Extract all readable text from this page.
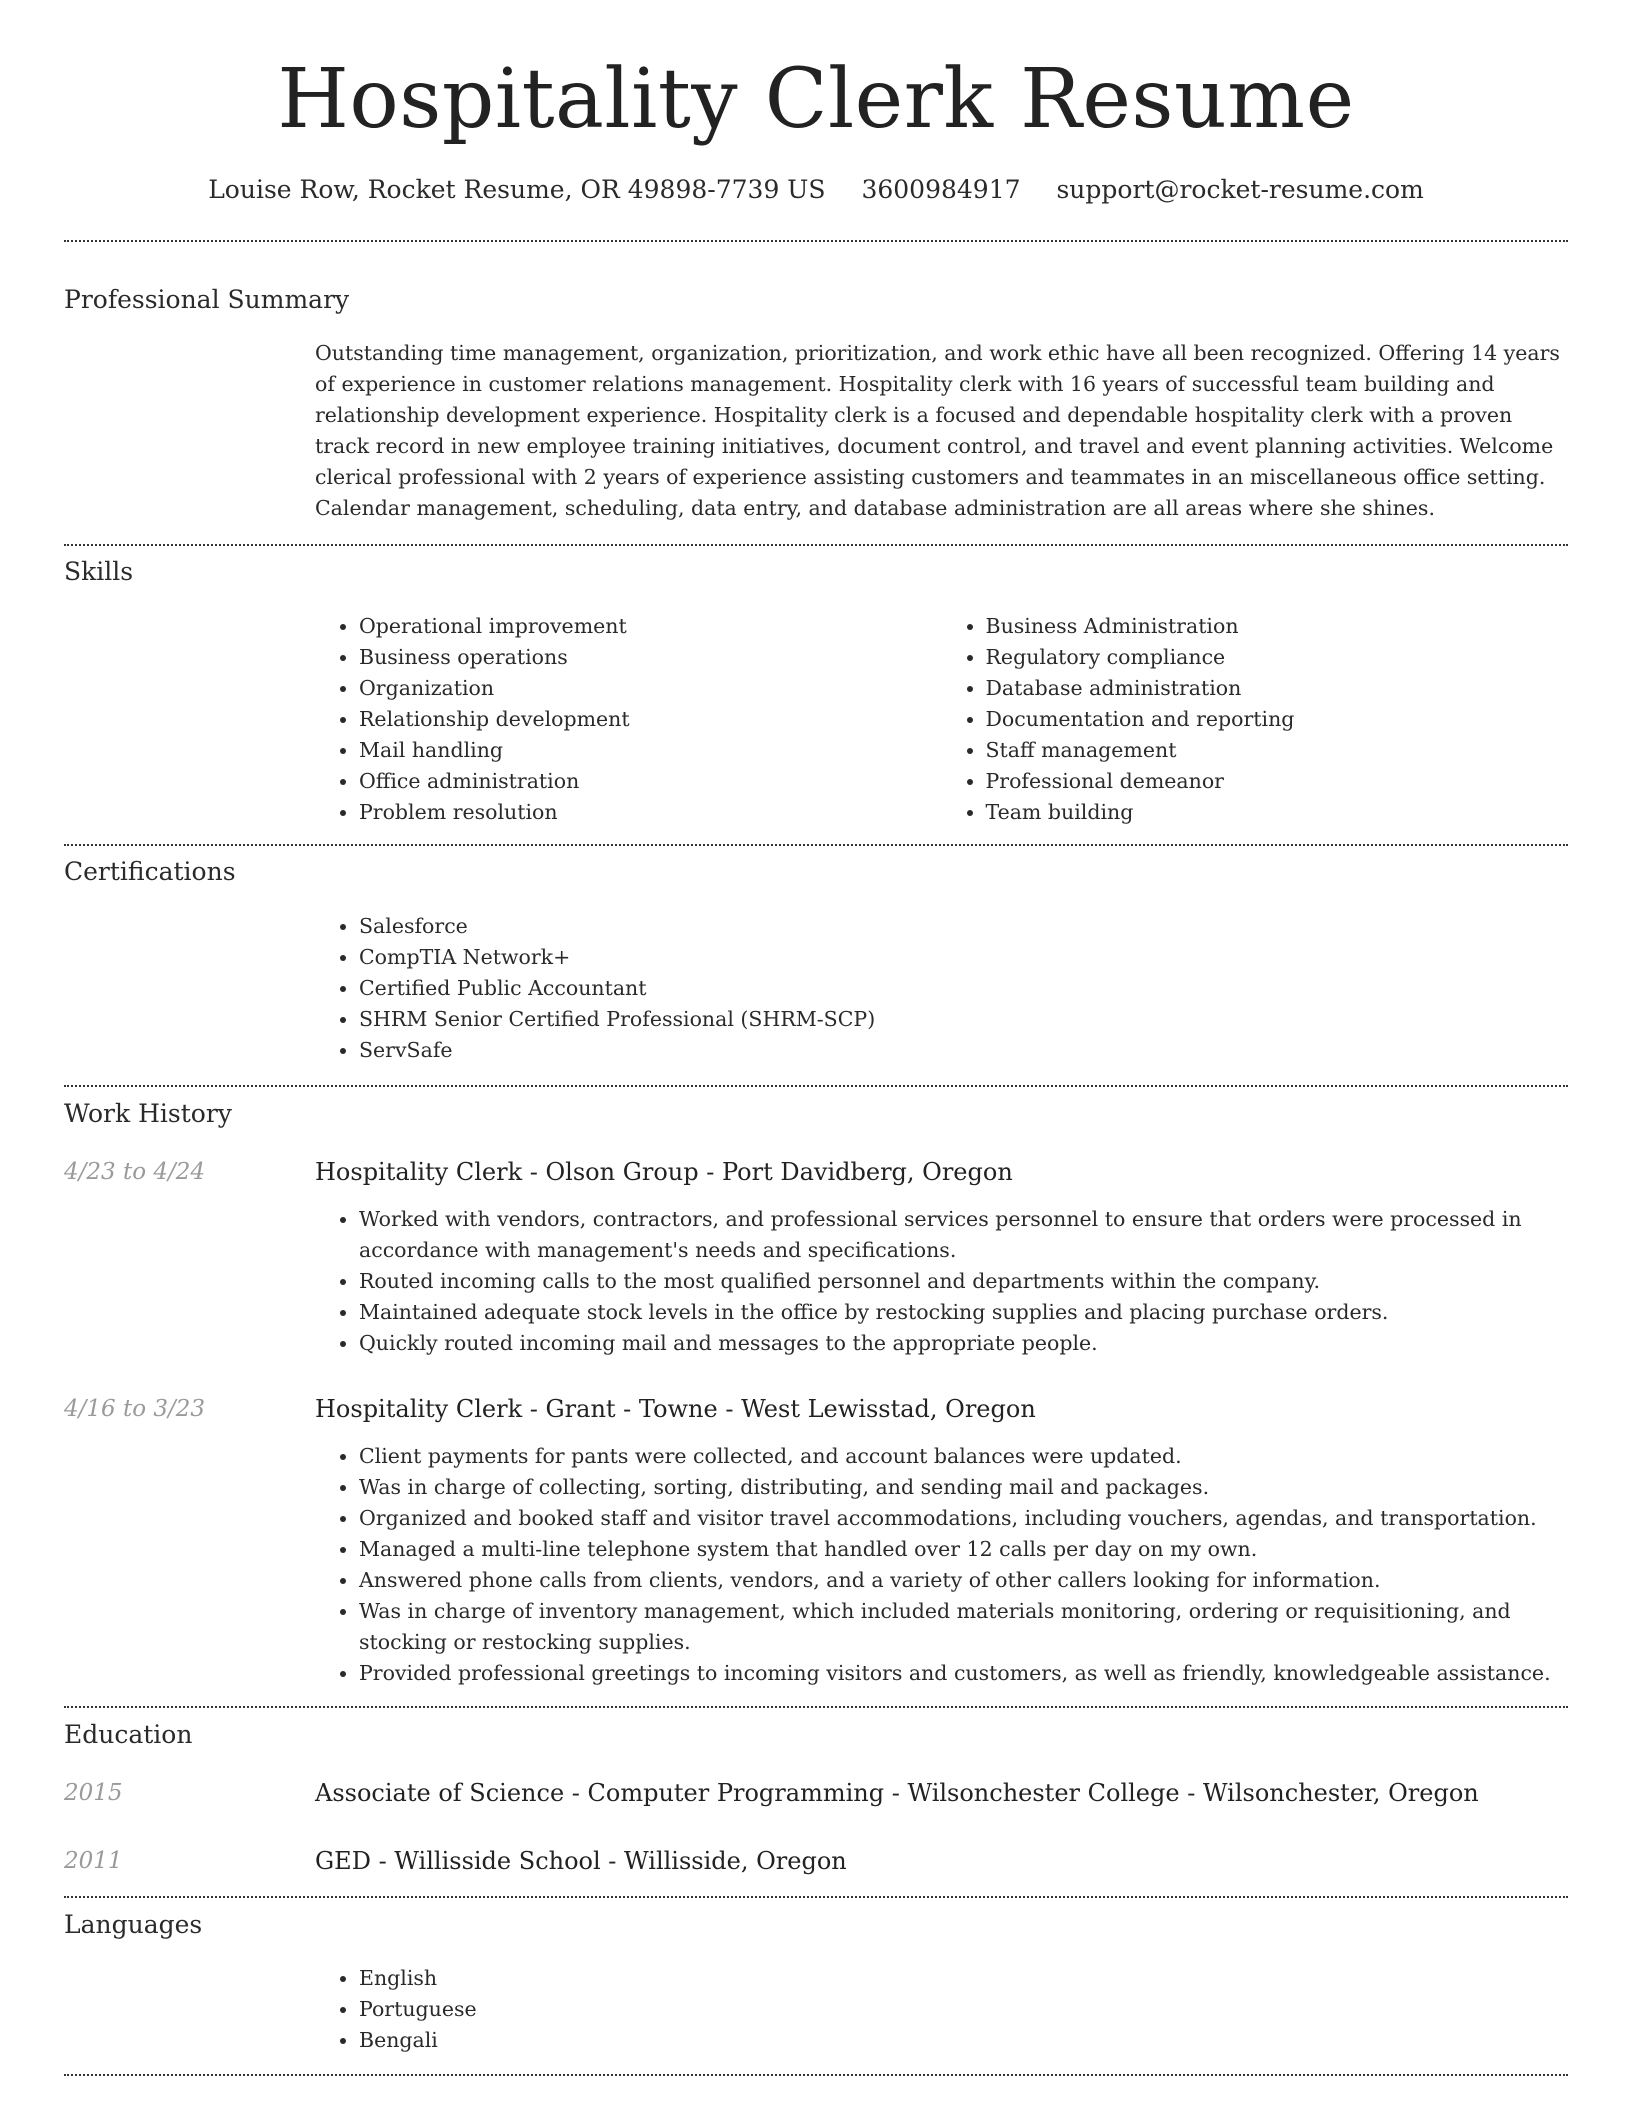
Hospitality Clerk Resume
Louise Row, Rocket Resume, OR 49898-7739 US 3600984917 support@rocket-resume.com
Professional Summary

Outstanding time management, organization, prioritization, and work ethic have all been recognized. Offering 14 years of experience in customer relations management. Hospitality clerk with 16 years of successful team building and relationship development experience. Hospitality clerk is a focused and dependable hospitality clerk with a proven track record in new employee training initiatives, document control, and travel and event planning activities. Welcome clerical professional with 2 years of experience assisting customers and teammates in an miscellaneous office setting. Calendar management, scheduling, data entry, and database administration are all areas where she shines.

Skills
• Operational improvement
• Business operations
• Organization
• Relationship development
• Mail handling
• Office administration
• Problem resolution
• Business Administration
• Regulatory compliance
• Database administration
• Documentation and reporting
• Staff management
• Professional demeanor
• Team building
Certifications
• Salesforce
• CompTIA Network+
• Certified Public Accountant
• SHRM Senior Certified Professional (SHRM-SCP)
• ServSafe
Work History
4/23 to 4/24	Hospitality Clerk - Olson Group - Port Davidberg, Oregon
• Worked with vendors, contractors, and professional services personnel to ensure that orders were processed in accordance with management's needs and specifications.
• Routed incoming calls to the most qualified personnel and departments within the company.
• Maintained adequate stock levels in the office by restocking supplies and placing purchase orders.
• Quickly routed incoming mail and messages to the appropriate people.
4/16 to 3/23	Hospitality Clerk - Grant - Towne - West Lewisstad, Oregon
• Client payments for pants were collected, and account balances were updated.
• Was in charge of collecting, sorting, distributing, and sending mail and packages.
• Organized and booked staff and visitor travel accommodations, including vouchers, agendas, and transportation.
• Managed a multi-line telephone system that handled over 12 calls per day on my own.
• Answered phone calls from clients, vendors, and a variety of other callers looking for information.
• Was in charge of inventory management, which included materials monitoring, ordering or requisitioning, and stocking or restocking supplies.
• Provided professional greetings to incoming visitors and customers, as well as friendly, knowledgeable assistance.
Education
2015	Associate of Science - Computer Programming - Wilsonchester College - Wilsonchester, Oregon
2011	GED - Willisside School - Willisside, Oregon
Languages
• English
• Portuguese
• Bengali
